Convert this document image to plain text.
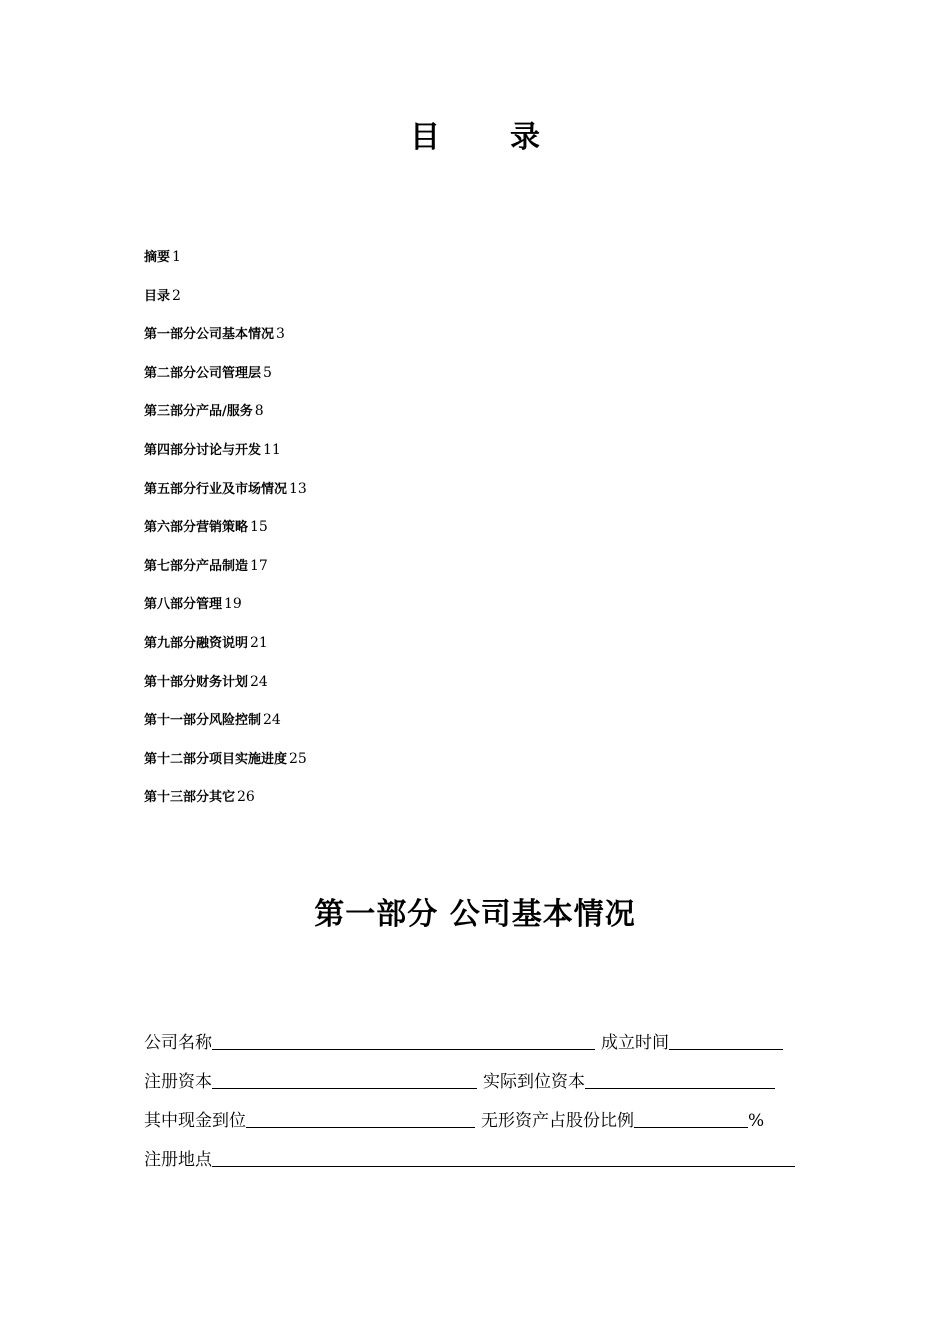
目录
摘要 1
目录 2
第一部分公司基本情况 3
第二部分公司管理层 5
第三部分产品/服务 8
第四部分讨论与开发 11
第五部分行业及市场情况 13
第六部分营销策略 15
第七部分产品制造 17
第八部分管理 19
第九部分融资说明 21
第十部分财务计划 24
第十一部分风险控制 24
第十二部分项目实施进度 25
第十三部分其它 26
第一部分 公司基本情况
公司名称	成立时间
注册资本	实际到位资本
其中现金到位	无形资产占股份比例	%
注册地点
